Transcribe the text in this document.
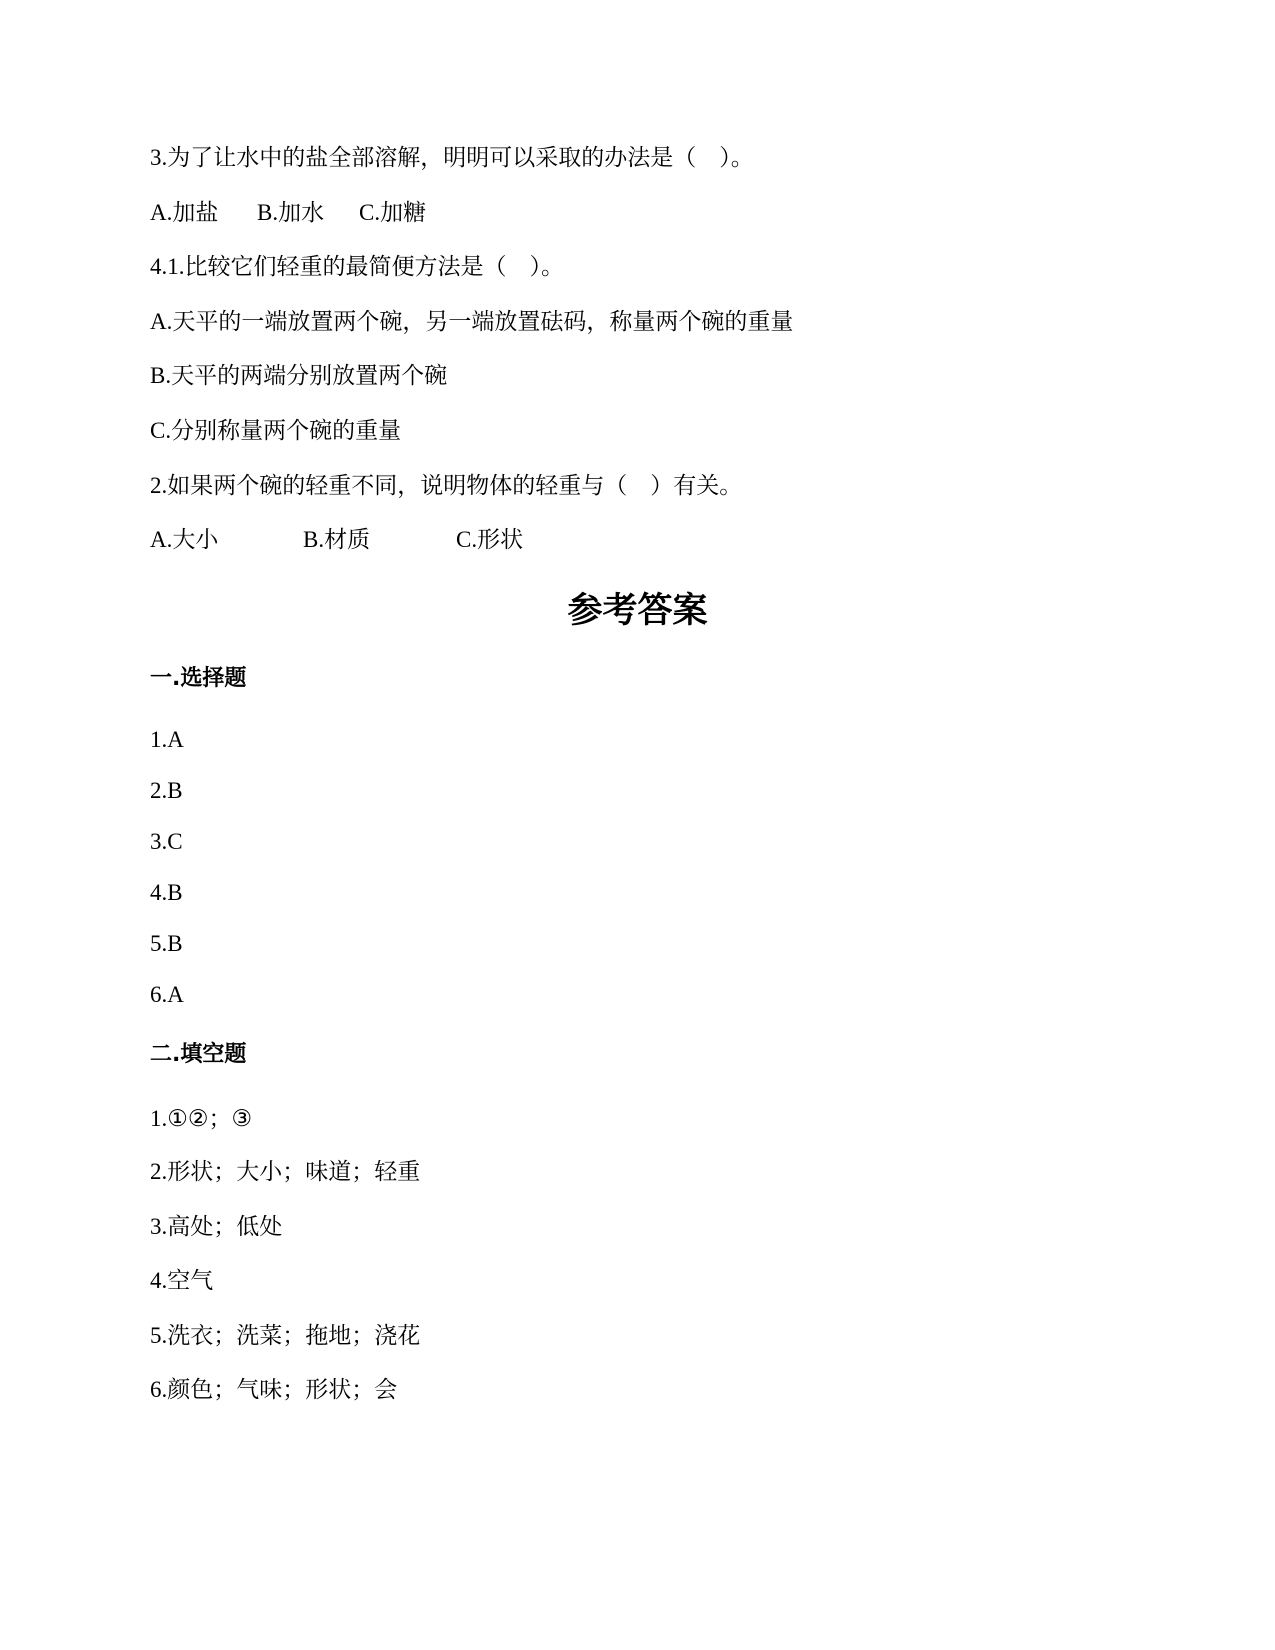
3.为了让水中的盐全部溶解，明明可以采取的办法是（　）。

A.加盐 B.加水 C.加糖

4.1.比较它们轻重的最简便方法是（　）。

A.天平的一端放置两个碗，另一端放置砝码，称量两个碗的重量

B.天平的两端分别放置两个碗

C.分别称量两个碗的重量

2.如果两个碗的轻重不同，说明物体的轻重与（　）有关。

A.大小	B.材质	C.形状
参考答案
一.选择题

1.A

2.B

3.C

4.B

5.B

6.A

二.填空题

1.①②；③

2.形状；大小；味道；轻重

3.高处；低处

4.空气

5.洗衣；洗菜；拖地；浇花

6.颜色；气味；形状；会
